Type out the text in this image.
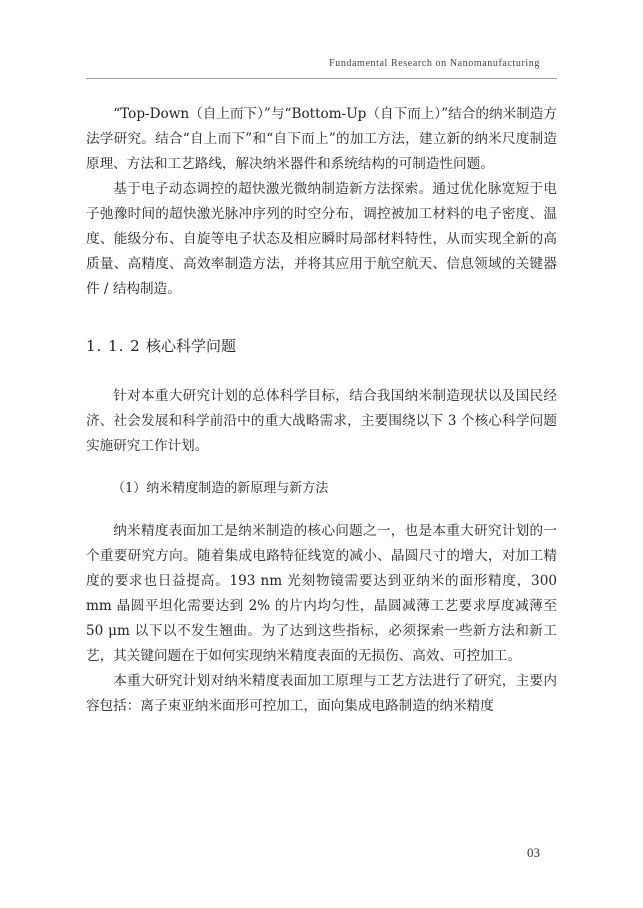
Fundamental Research on Nanomanufacturing

“Top-Down（自上而下）”与“Bottom-Up（自下而上）”结合的纳米制造方法学研究。结合“自上而下”和“自下而上”的加工方法，建立新的纳米尺度制造原理、方法和工艺路线，解决纳米器件和系统结构的可制造性问题。

基于电子动态调控的超快激光微纳制造新方法探索。通过优化脉宽短于电子弛豫时间的超快激光脉冲序列的时空分布，调控被加工材料的电子密度、温度、能级分布、自旋等电子状态及相应瞬时局部材料特性，从而实现全新的高质量、高精度、高效率制造方法，并将其应用于航空航天、信息领域的关键器件 / 结构制造。

1. 1. 2 核心科学问题

针对本重大研究计划的总体科学目标，结合我国纳米制造现状以及国民经济、社会发展和科学前沿中的重大战略需求，主要围绕以下 3 个核心科学问题实施研究工作计划。

（1）纳米精度制造的新原理与新方法

纳米精度表面加工是纳米制造的核心问题之一，也是本重大研究计划的一个重要研究方向。随着集成电路特征线宽的减小、晶圆尺寸的增大，对加工精度的要求也日益提高。193 nm 光刻物镜需要达到亚纳米的面形精度，300 mm 晶圆平坦化需要达到 2% 的片内均匀性，晶圆减薄工艺要求厚度减薄至 50 μm 以下以不发生翘曲。为了达到这些指标，必须探索一些新方法和新工艺，其关键问题在于如何实现纳米精度表面的无损伤、高效、可控加工。

本重大研究计划对纳米精度表面加工原理与工艺方法进行了研究，主要内容包括：离子束亚纳米面形可控加工，面向集成电路制造的纳米精度

03
